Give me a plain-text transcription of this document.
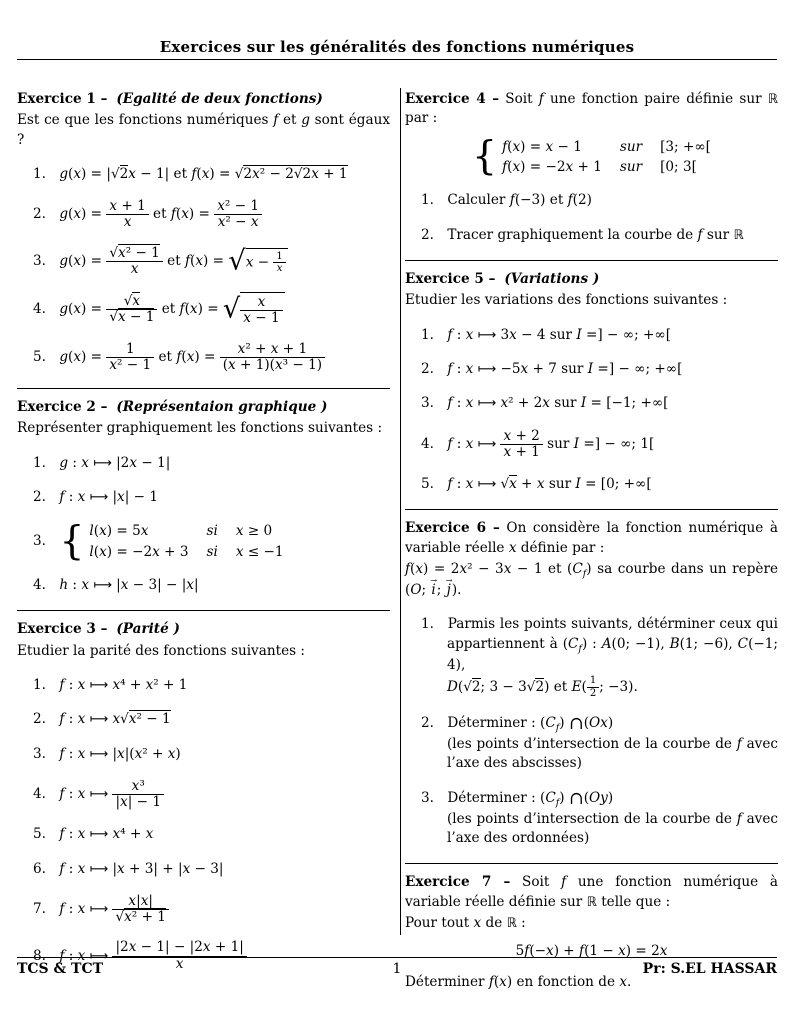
Exercices sur les généralités des fonctions numériques

Exercice 1 – (Egalité de deux fonctions)

Est ce que les fonctions numériques f et g sont égaux ?

1. g(x) = |√2x − 1| et f(x) = √2x² − 2√2x + 1
2. $g(x) = \frac{x + 1}{x}$ et $f(x) = \frac{\text{x² − 1}}{\text{x² − x}}$
3. $g(x) = \frac{\text{√x² − 1}}{x}$ et $f(x) = √x - \frac{1}{x}$
4. $g(x) = \frac{√x}{√x - 1}$ et f(x) = √ $\frac{x}{x - 1}$
5. $g(x) = \frac{1}{\text{x² − 1}}$ et $f(x) = \frac{\text{x² + x + 1}}{\text{(x + 1)(x³ − 1)}}$

Exercice 2 – (Représentaion graphique )

Représenter graphiquement les fonctions suivantes :

1. g : x ⟼ |2x − 1|
2. f : x ⟼ |x| − 1
3. { l(x) = 5x	si x ≥ 0
l(x) = −2x + 3 si x ≤ −1
4. h : x ⟼ |x − 3| − |x|

Exercice 3 – (Parité )

Etudier la parité des fonctions suivantes :

1. f : x ⟼ x⁴ + x² + 1
2. f : x ⟼ x√x² − 1
3. f : x ⟼ |x|(x² + x)
4. f : x ⟼ $\frac{\text{x³}}{|x| - 1}$
5. f : x ⟼ x⁴ + x
6. f : x ⟼ |x + 3| + |x − 3|
7. f : x ⟼ $\frac{x|x|}{\text{√x² + 1}}$
8. f : x ⟼ $\frac{|2x - 1| - |2x + 1|}{x}$

Exercice 4 – Soit f une fonction paire définie sur ℝ par :

{ f(x) = x − 1	sur [3; +∞[
f(x) = −2x + 1 sur [0; 3[
1. Calculer f(−3) et f(2)
2. Tracer graphiquement la courbe de f sur ℝ

Exercice 5 – (Variations )

Etudier les variations des fonctions suivantes :

1. f : x ⟼ 3x − 4 sur I =] − ∞; +∞[
2. f : x ⟼ −5x + 7 sur I =] − ∞; +∞[
3. f : x ⟼ x² + 2x sur I = [−1; +∞[
4. f : x ⟼ $\frac{x + 2}{x + 1}$ sur I =] − ∞; 1[
5. f : x ⟼ √x + x sur I = [0; +∞[

Exercice 6 – On considère la fonction numérique à variable réelle x définie par :

f(x) = 2x² − 3x − 1 et $(C_f)$ sa courbe dans un repère (O; i →; j →).

1. Parmis les points suivants, détérminer ceux qui appartiennent à $(C_f)$ : A(0; −1), B(1; −6), C(−1; 4),
D(√2; 3 − 3√2) et $E( \frac{1}{2}$ ; −3).
2. Déterminer : $(C_f)$ ∩(Ox)
(les points d’intersection de la courbe de f avec l’axe des abscisses)
3. Déterminer : $(C_f)$ ∩(Oy)
(les points d’intersection de la courbe de f avec l’axe des ordonnées)

Exercice 7 – Soit f une fonction numérique à variable réelle définie sur ℝ telle que :

Pour tout x de ℝ :

5f(−x) + f(1 − x) = 2x

Déterminer f(x) en fonction de x.

TCS & TCT	1	Pr: S.EL HASSAR
